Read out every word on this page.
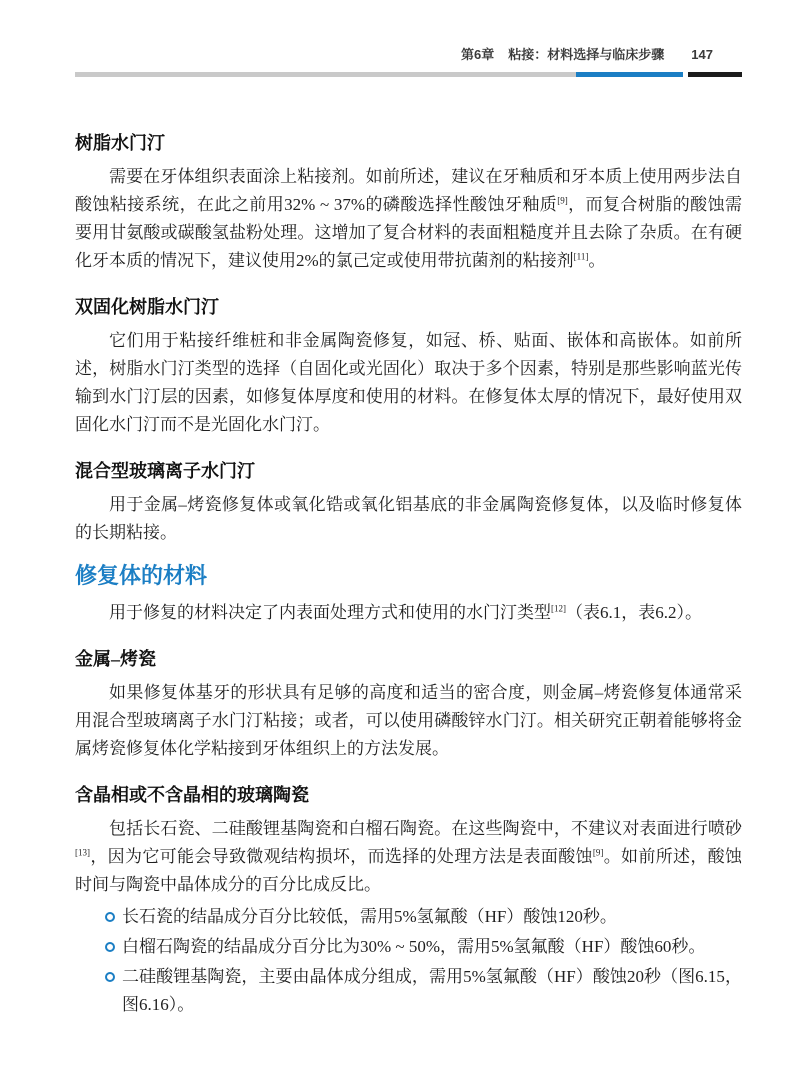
第6章 粘接：材料选择与临床步骤 147
树脂水门汀

需要在牙体组织表面涂上粘接剂。如前所述，建议在牙釉质和牙本质上使用两步法自酸蚀粘接系统，在此之前用32% ~ 37%的磷酸选择性酸蚀牙釉质[9]，而复合树脂的酸蚀需要用甘氨酸或碳酸氢盐粉处理。这增加了复合材料的表面粗糙度并且去除了杂质。在有硬化牙本质的情况下，建议使用2%的氯己定或使用带抗菌剂的粘接剂[11]。

双固化树脂水门汀

它们用于粘接纤维桩和非金属陶瓷修复，如冠、桥、贴面、嵌体和高嵌体。如前所述，树脂水门汀类型的选择（自固化或光固化）取决于多个因素，特别是那些影响蓝光传输到水门汀层的因素，如修复体厚度和使用的材料。在修复体太厚的情况下，最好使用双固化水门汀而不是光固化水门汀。

混合型玻璃离子水门汀

用于金属–烤瓷修复体或氧化锆或氧化铝基底的非金属陶瓷修复体，以及临时修复体的长期粘接。

修复体的材料

用于修复的材料决定了内表面处理方式和使用的水门汀类型[12]（表6.1，表6.2）。

金属–烤瓷

如果修复体基牙的形状具有足够的高度和适当的密合度，则金属–烤瓷修复体通常采用混合型玻璃离子水门汀粘接；或者，可以使用磷酸锌水门汀。相关研究正朝着能够将金属烤瓷修复体化学粘接到牙体组织上的方法发展。

含晶相或不含晶相的玻璃陶瓷

包括长石瓷、二硅酸锂基陶瓷和白榴石陶瓷。在这些陶瓷中，不建议对表面进行喷砂[13]，因为它可能会导致微观结构损坏，而选择的处理方法是表面酸蚀[9]。如前所述，酸蚀时间与陶瓷中晶体成分的百分比成反比。

长石瓷的结晶成分百分比较低，需用5%氢氟酸（HF）酸蚀120秒。
白榴石陶瓷的结晶成分百分比为30% ~ 50%，需用5%氢氟酸（HF）酸蚀60秒。
二硅酸锂基陶瓷，主要由晶体成分组成，需用5%氢氟酸（HF）酸蚀20秒（图6.15，图6.16）。
